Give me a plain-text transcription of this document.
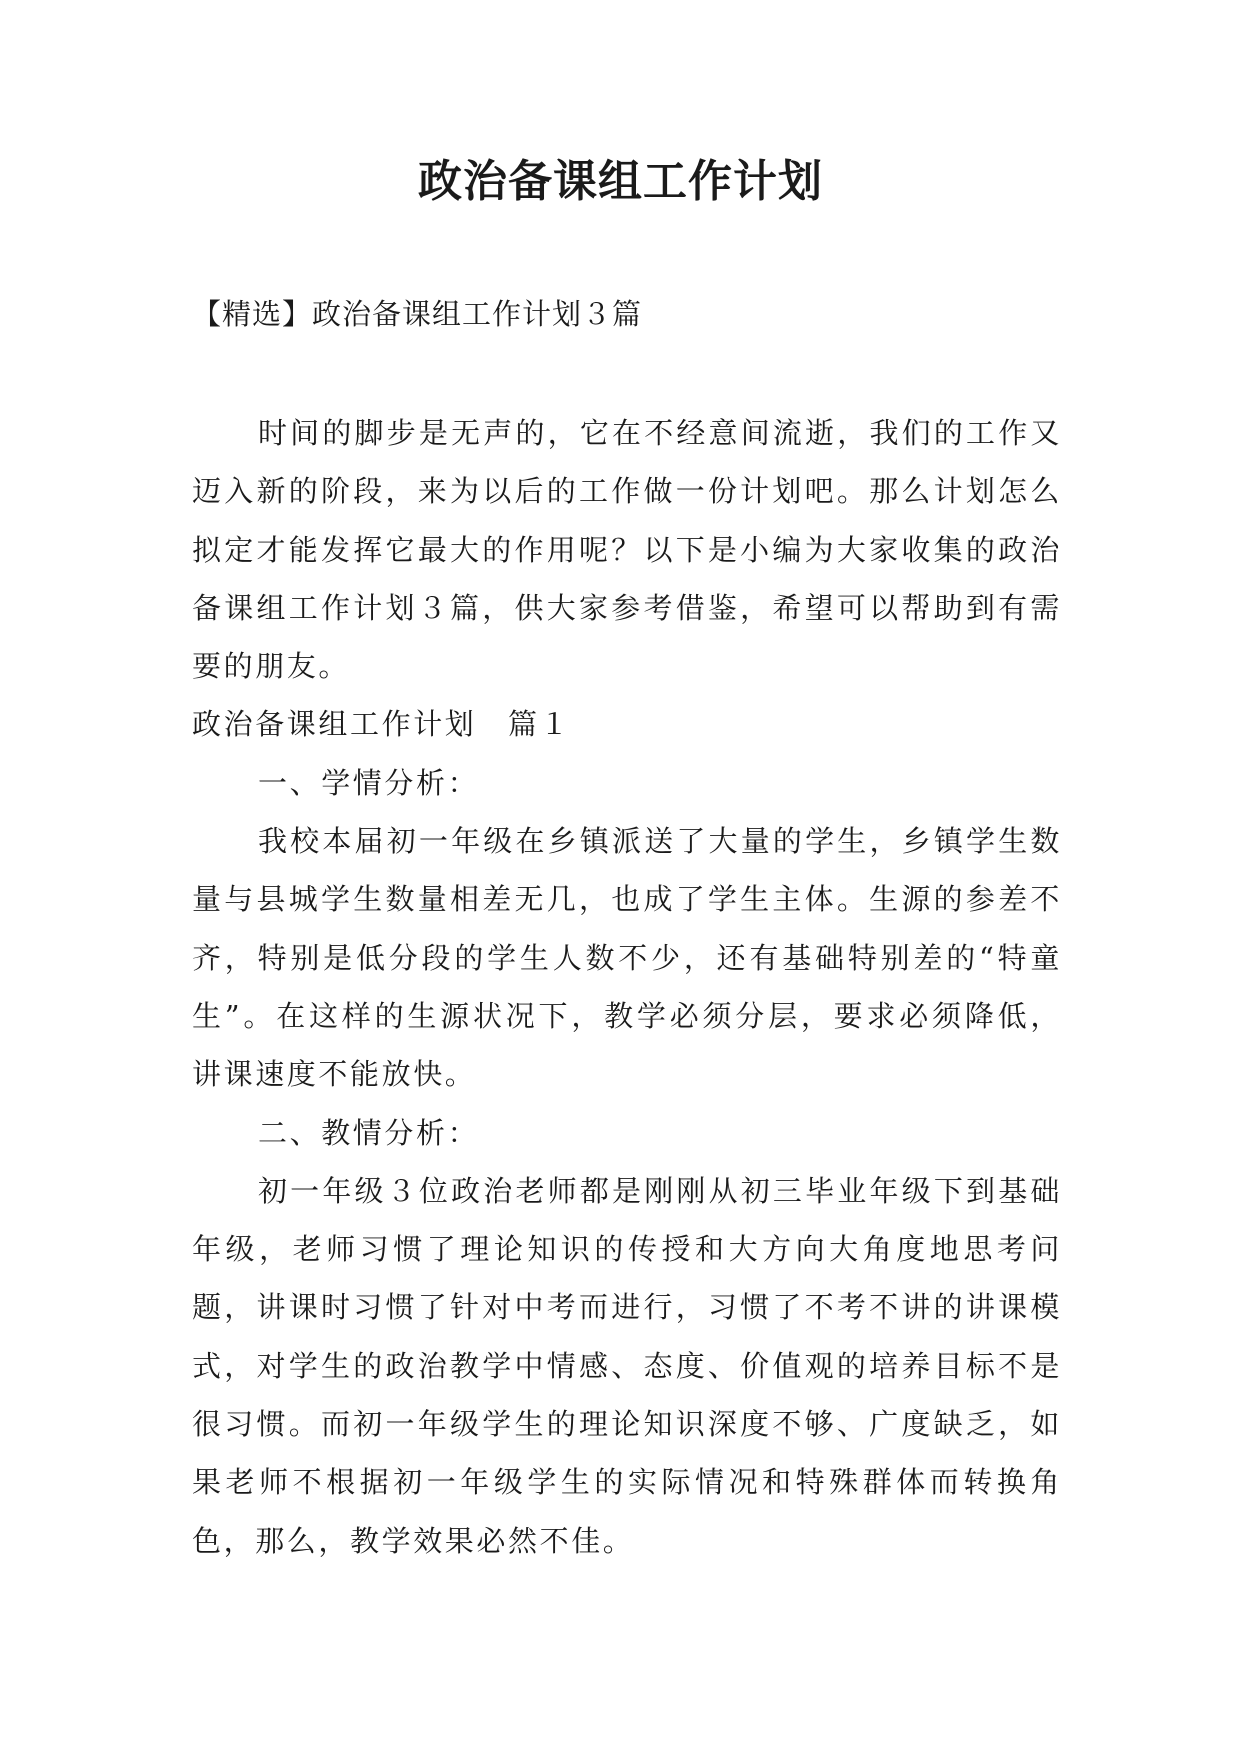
政治备课组工作计划

【精选】政治备课组工作计划３篇

时间的脚步是无声的，它在不经意间流逝，我们的工作又迈入新的阶段，来为以后的工作做一份计划吧。那么计划怎么拟定才能发挥它最大的作用呢？以下是小编为大家收集的政治备课组工作计划３篇，供大家参考借鉴，希望可以帮助到有需要的朋友。

政治备课组工作计划　篇１

一、学情分析：

我校本届初一年级在乡镇派送了大量的学生，乡镇学生数量与县城学生数量相差无几，也成了学生主体。生源的参差不齐，特别是低分段的学生人数不少，还有基础特别差的“特童生”。在这样的生源状况下，教学必须分层，要求必须降低，讲课速度不能放快。

二、教情分析：

初一年级３位政治老师都是刚刚从初三毕业年级下到基础年级，老师习惯了理论知识的传授和大方向大角度地思考问题，讲课时习惯了针对中考而进行，习惯了不考不讲的讲课模式，对学生的政治教学中情感、态度、价值观的培养目标不是很习惯。而初一年级学生的理论知识深度不够、广度缺乏，如果老师不根据初一年级学生的实际情况和特殊群体而转换角色，那么，教学效果必然不佳。
